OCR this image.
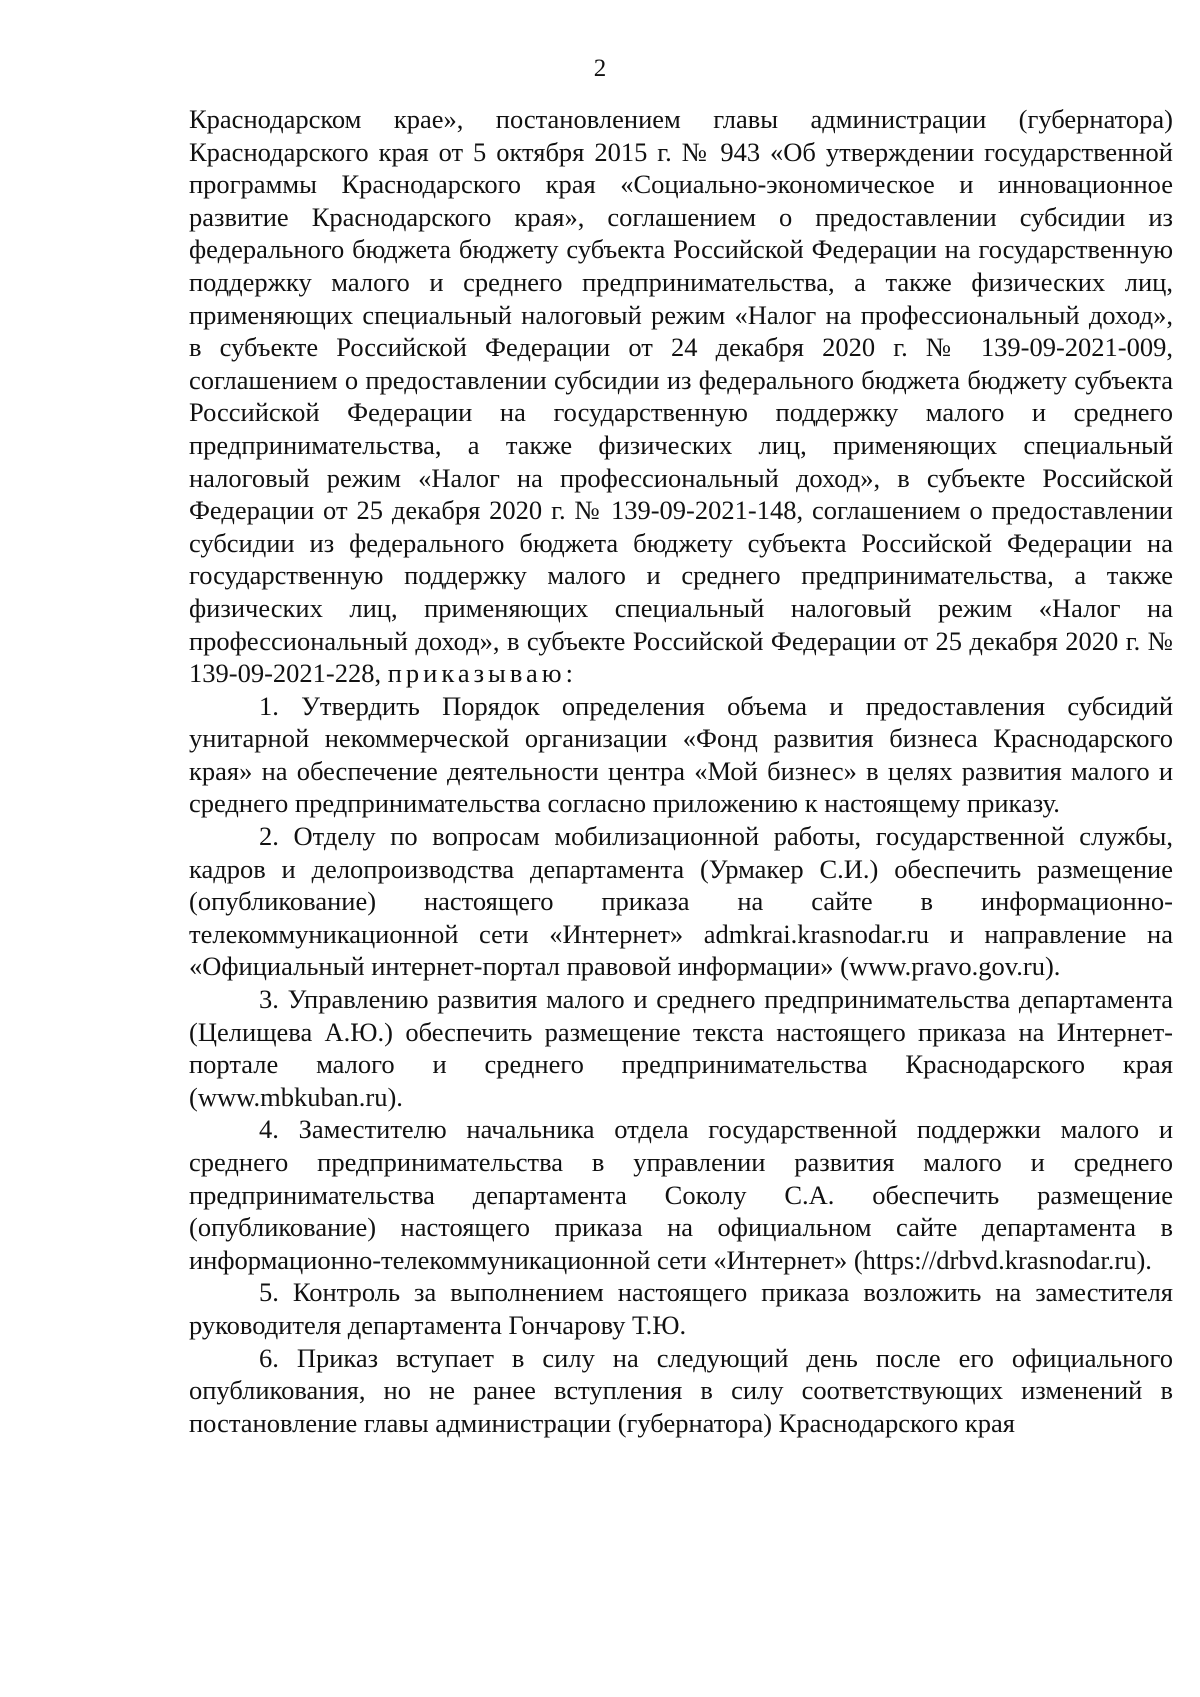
2

Краснодарском крае», постановлением главы администрации (губернатора) Краснодарского края от 5 октября 2015 г. № 943 «Об утверждении государственной программы Краснодарского края «Социально-экономическое и инновационное развитие Краснодарского края», соглашением о предоставлении субсидии из федерального бюджета бюджету субъекта Российской Федерации на государственную поддержку малого и среднего предпринимательства, а также физических лиц, применяющих специальный налоговый режим «Налог на профессиональный доход», в субъекте Российской Федерации от 24 декабря 2020 г. № 139-09-2021-009, соглашением о предоставлении субсидии из федерального бюджета бюджету субъекта Российской Федерации на государственную поддержку малого и среднего предпринимательства, а также физических лиц, применяющих специальный налоговый режим «Налог на профессиональный доход», в субъекте Российской Федерации от 25 декабря 2020 г. № 139-09-2021-148, соглашением о предоставлении субсидии из федерального бюджета бюджету субъекта Российской Федерации на государственную поддержку малого и среднего предпринимательства, а также физических лиц, применяющих специальный налоговый режим «Налог на профессиональный доход», в субъекте Российской Федерации от 25 декабря 2020 г. № 139-09-2021-228, приказываю:

1. Утвердить Порядок определения объема и предоставления субсидий унитарной некоммерческой организации «Фонд развития бизнеса Краснодарского края» на обеспечение деятельности центра «Мой бизнес» в целях развития малого и среднего предпринимательства согласно приложению к настоящему приказу.

2. Отделу по вопросам мобилизационной работы, государственной службы, кадров и делопроизводства департамента (Урмакер С.И.) обеспечить размещение (опубликование) настоящего приказа на сайте в информационно-телекоммуникационной сети «Интернет» admkrai.krasnodar.ru и направление на «Официальный интернет-портал правовой информации» (www.pravo.gov.ru).

3. Управлению развития малого и среднего предпринимательства департамента (Целищева А.Ю.) обеспечить размещение текста настоящего приказа на Интернет-портале малого и среднего предпринимательства Краснодарского края (www.mbkuban.ru).

4. Заместителю начальника отдела государственной поддержки малого и среднего предпринимательства в управлении развития малого и среднего предпринимательства департамента Соколу С.А. обеспечить размещение (опубликование) настоящего приказа на официальном сайте департамента в информационно-телекоммуникационной сети «Интернет» (https://drbvd.krasnodar.ru).

5. Контроль за выполнением настоящего приказа возложить на заместителя руководителя департамента Гончарову Т.Ю.

6. Приказ вступает в силу на следующий день после его официального опубликования, но не ранее вступления в силу соответствующих изменений в постановление главы администрации (губернатора) Краснодарского края
